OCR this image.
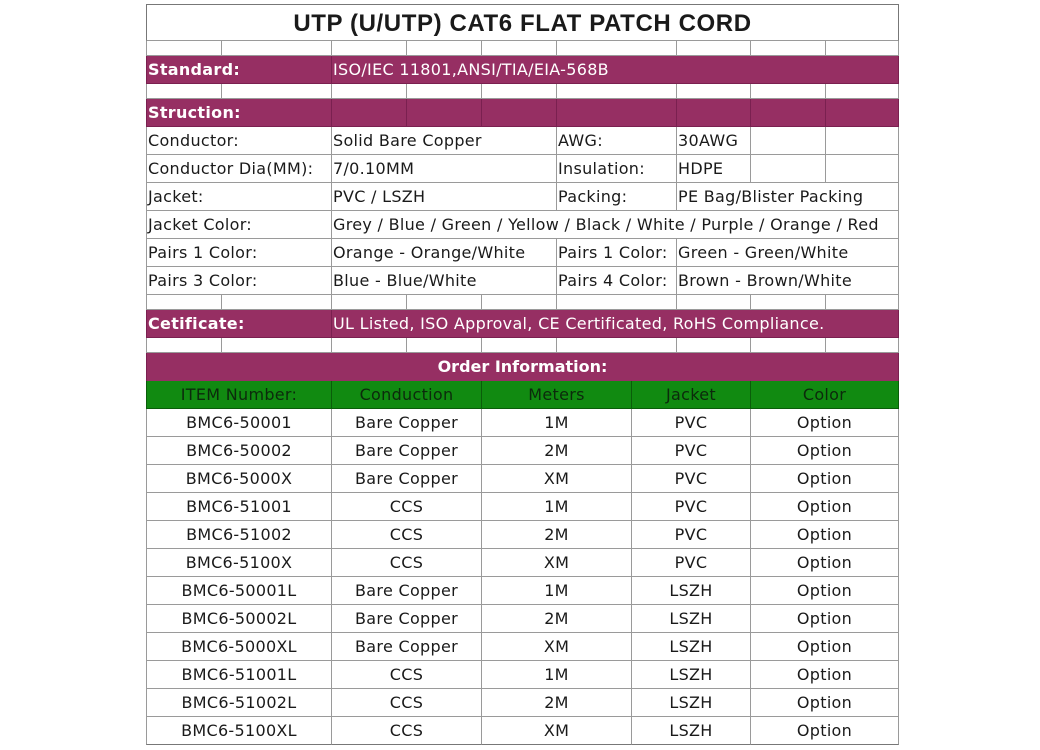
UTP (U/UTP) CAT6 FLAT PATCH CORD
Standard:	ISO/IEC 11801,ANSI/TIA/EIA-568B
Struction:
Conductor:	Solid Bare Copper	AWG:	30AWG
Conductor Dia(MM):	7/0.10MM	Insulation:	HDPE
Jacket:	PVC / LSZH	Packing:	PE Bag/Blister Packing
Jacket Color:	Grey / Blue / Green / Yellow / Black / White / Purple / Orange / Red
Pairs 1 Color:	Orange - Orange/White	Pairs 1 Color: Green - Green/White
Pairs 3 Color:	Blue - Blue/White	Pairs 4 Color: Brown - Brown/White
Cetificate:	UL Listed, ISO Approval, CE Certificated, RoHS Compliance.
Order Information:
ITEM Number:	Conduction	Meters	Jacket	Color
BMC6-50001	Bare Copper	1M	PVC	Option
BMC6-50002	Bare Copper	2M	PVC	Option
BMC6-5000X	Bare Copper	XM	PVC	Option
BMC6-51001	CCS	1M	PVC	Option
BMC6-51002	CCS	2M	PVC	Option
BMC6-5100X	CCS	XM	PVC	Option
BMC6-50001L	Bare Copper	1M	LSZH	Option
BMC6-50002L	Bare Copper	2M	LSZH	Option
BMC6-5000XL	Bare Copper	XM	LSZH	Option
BMC6-51001L	CCS	1M	LSZH	Option
BMC6-51002L	CCS	2M	LSZH	Option
BMC6-5100XL	CCS	XM	LSZH	Option
